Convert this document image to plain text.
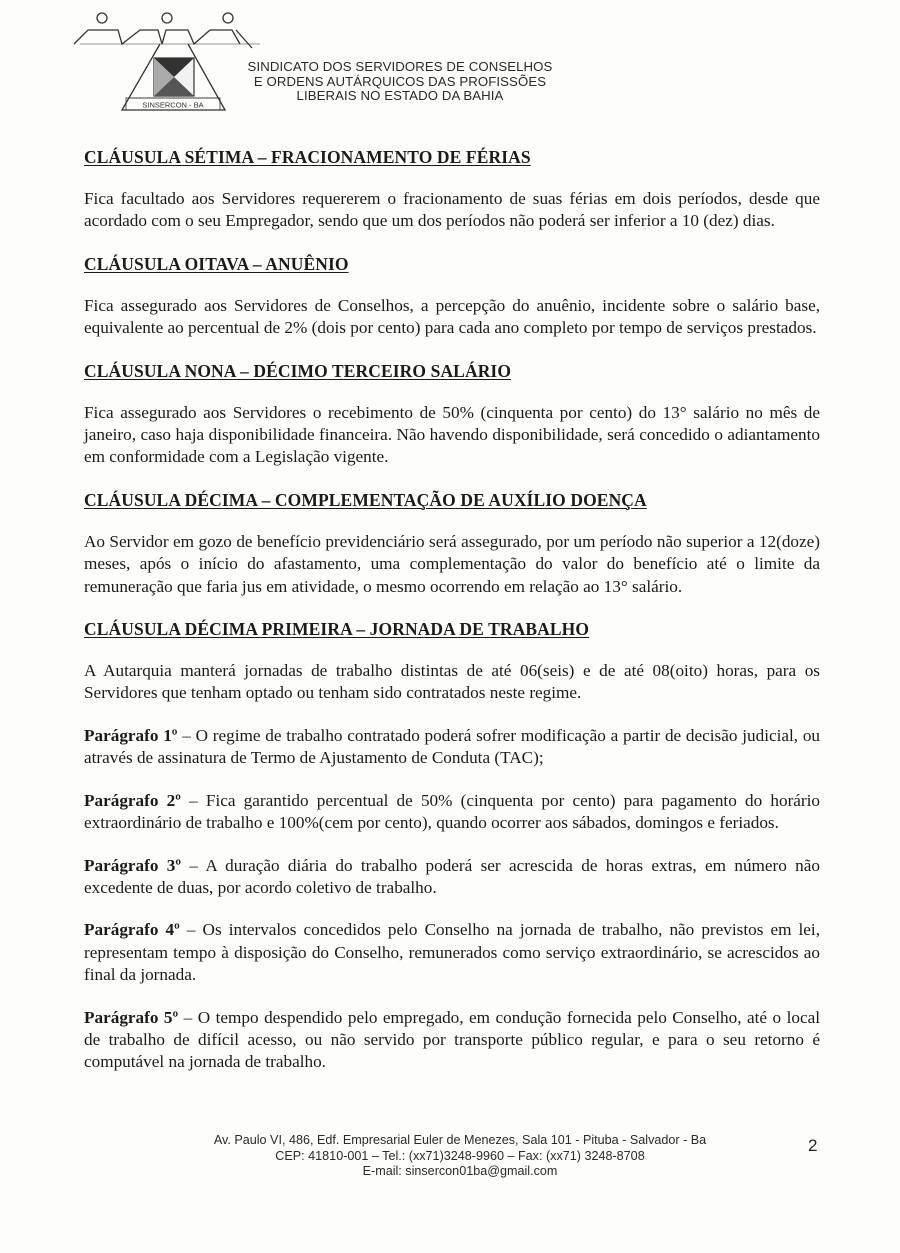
SINSERCON - BA
SINDICATO DOS SERVIDORES DE CONSELHOS
E ORDENS AUTÁRQUICOS DAS PROFISSÕES
LIBERAIS NO ESTADO DA BAHIA
CLÁUSULA SÉTIMA – FRACIONAMENTO DE FÉRIAS

Fica facultado aos Servidores requererem o fracionamento de suas férias em dois períodos, desde que acordado com o seu Empregador, sendo que um dos períodos não poderá ser inferior a 10 (dez) dias.

CLÁUSULA OITAVA – ANUÊNIO

Fica assegurado aos Servidores de Conselhos, a percepção do anuênio, incidente sobre o salário base, equivalente ao percentual de 2% (dois por cento) para cada ano completo por tempo de serviços prestados.

CLÁUSULA NONA – DÉCIMO TERCEIRO SALÁRIO

Fica assegurado aos Servidores o recebimento de 50% (cinquenta por cento) do 13° salário no mês de janeiro, caso haja disponibilidade financeira. Não havendo disponibilidade, será concedido o adiantamento em conformidade com a Legislação vigente.

CLÁUSULA DÉCIMA – COMPLEMENTAÇÃO DE AUXÍLIO DOENÇA

Ao Servidor em gozo de benefício previdenciário será assegurado, por um período não superior a 12(doze) meses, após o início do afastamento, uma complementação do valor do benefício até o limite da remuneração que faria jus em atividade, o mesmo ocorrendo em relação ao 13° salário.

CLÁUSULA DÉCIMA PRIMEIRA – JORNADA DE TRABALHO

A Autarquia manterá jornadas de trabalho distintas de até 06(seis) e de até 08(oito) horas, para os Servidores que tenham optado ou tenham sido contratados neste regime.

Parágrafo 1º – O regime de trabalho contratado poderá sofrer modificação a partir de decisão judicial, ou através de assinatura de Termo de Ajustamento de Conduta (TAC);

Parágrafo 2º – Fica garantido percentual de 50% (cinquenta por cento) para pagamento do horário extraordinário de trabalho e 100%(cem por cento), quando ocorrer aos sábados, domingos e feriados.

Parágrafo 3º – A duração diária do trabalho poderá ser acrescida de horas extras, em número não excedente de duas, por acordo coletivo de trabalho.

Parágrafo 4º – Os intervalos concedidos pelo Conselho na jornada de trabalho, não previstos em lei, representam tempo à disposição do Conselho, remunerados como serviço extraordinário, se acrescidos ao final da jornada.

Parágrafo 5º – O tempo despendido pelo empregado, em condução fornecida pelo Conselho, até o local de trabalho de difícil acesso, ou não servido por transporte público regular, e para o seu retorno é computável na jornada de trabalho.

Av. Paulo VI, 486, Edf. Empresarial Euler de Menezes, Sala 101 - Pituba - Salvador - Ba
CEP: 41810-001 – Tel.: (xx71)3248-9960 – Fax: (xx71) 3248-8708
E-mail: sinsercon01ba@gmail.com
2
